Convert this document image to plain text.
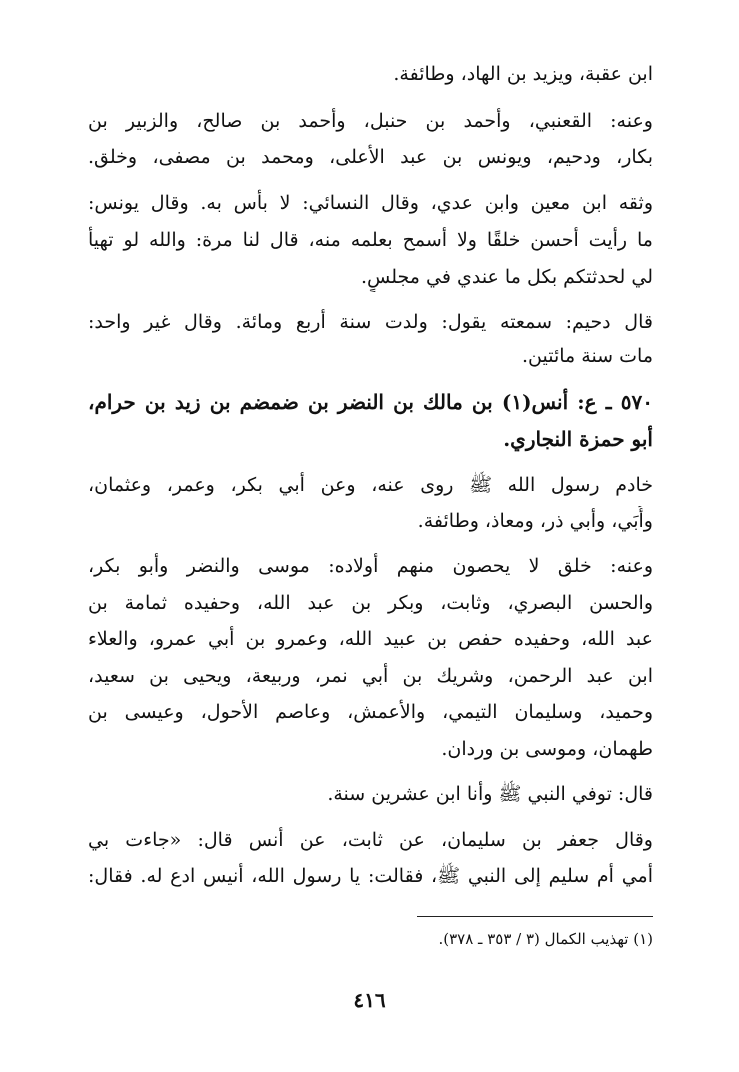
ابن عقبة، ويزيد بن الهاد، وطائفة.
وعنه: القعنبي، وأحمد بن حنبل، وأحمد بن صالح، والزبير بن
بكار، ودحيم، ويونس بن عبد الأعلى، ومحمد بن مصفى، وخلق.
وثقه ابن معين وابن عدي، وقال النسائي: لا بأس به. وقال يونس:
ما رأيت أحسن خلقًا ولا أسمح بعلمه منه، قال لنا مرة: والله لو تهيأ
لي لحدثتكم بكل ما عندي في مجلسٍ.
قال دحيم: سمعته يقول: ولدت سنة أربع ومائة. وقال غير واحد:
مات سنة مائتين.
٥٧٠ ـ ع: أنس(١) بن مالك بن النضر بن ضمضم بن زيد بن حرام،
أبو حمزة النجاري.
خادم رسول الله ﷺ روى عنه، وعن أبي بكر، وعمر، وعثمان،
وأُبَي، وأبي ذر، ومعاذ، وطائفة.
وعنه: خلق لا يحصون منهم أولاده: موسى والنضر وأبو بكر،
والحسن البصري، وثابت، وبكر بن عبد الله، وحفيده ثمامة بن
عبد الله، وحفيده حفص بن عبيد الله، وعمرو بن أبي عمرو، والعلاء
ابن عبد الرحمن، وشريك بن أبي نمر، وربيعة، ويحيى بن سعيد،
وحميد، وسليمان التيمي، والأعمش، وعاصم الأحول، وعيسى بن
طهمان، وموسى بن وردان.
قال: توفي النبي ﷺ وأنا ابن عشرين سنة.
وقال جعفر بن سليمان، عن ثابت، عن أنس قال: «جاءت بي
أمي أم سليم إلى النبي ﷺ، فقالت: يا رسول الله، أنيس ادع له. فقال:
(١) تهذيب الكمال (٣ / ٣٥٣ ـ ٣٧٨).
٤١٦
